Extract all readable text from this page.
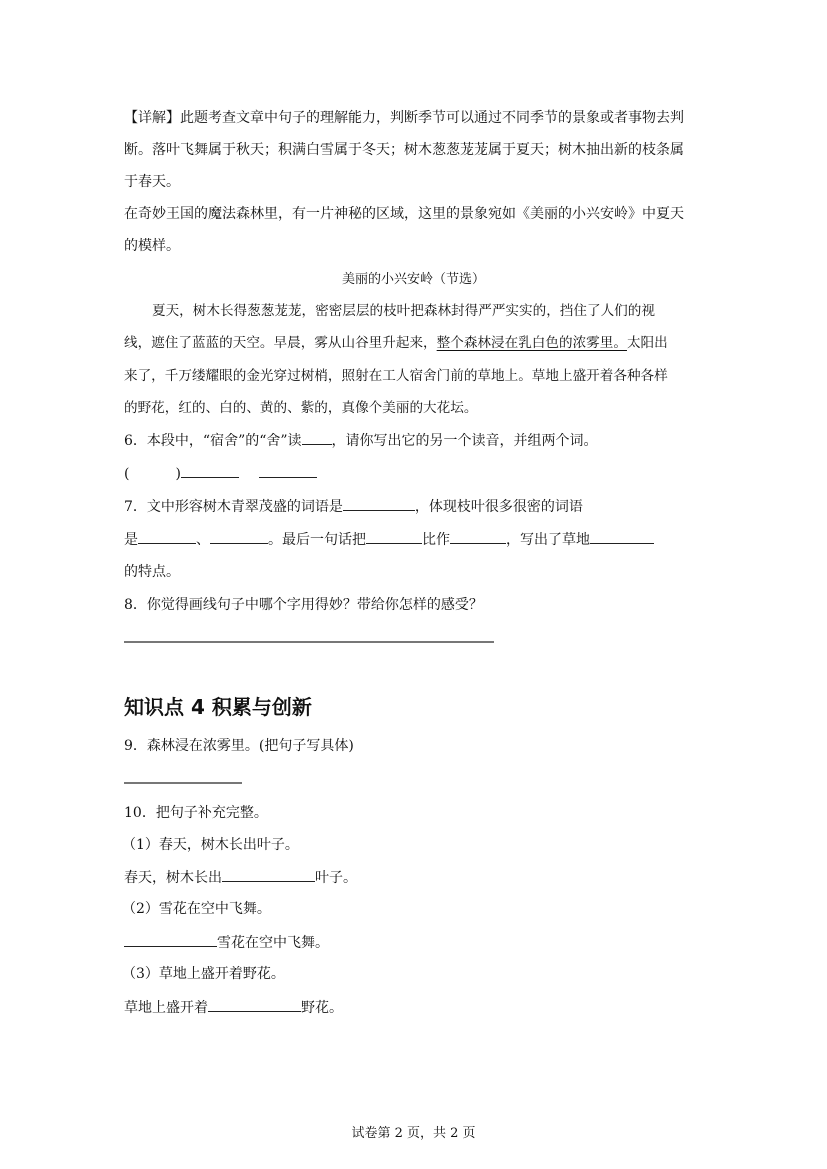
【详解】此题考查文章中句子的理解能力，判断季节可以通过不同季节的景象或者事物去判
断。落叶飞舞属于秋天；积满白雪属于冬天；树木葱葱茏茏属于夏天；树木抽出新的枝条属
于春天。
在奇妙王国的魔法森林里，有一片神秘的区域，这里的景象宛如《美丽的小兴安岭》中夏天
的模样。
美丽的小兴安岭（节选）
夏天，树木长得葱葱茏茏，密密层层的枝叶把森林封得严严实实的，挡住了人们的视
线，遮住了蓝蓝的天空。早晨，雾从山谷里升起来，整个森林浸在乳白色的浓雾里。太阳出
来了，千万缕耀眼的金光穿过树梢，照射在工人宿舍门前的草地上。草地上盛开着各种各样
的野花，红的、白的、黄的、紫的，真像个美丽的大花坛。
6．本段中，“宿舍”的“舍”读 ，请你写出它的另一个读音，并组两个词。
(	)
7．文中形容树木青翠茂盛的词语是	，体现枝叶很多很密的词语
是	、	。最后一句话把	比作	，写出了草地
的特点。
8．你觉得画线句子中哪个字用得妙？带给你怎样的感受？
知识点 4 积累与创新
9．森林浸在浓雾里。(把句子写具体)
10．把句子补充完整。
（1）春天，树木长出叶子。
春天，树木长出	叶子。
（2）雪花在空中飞舞。
雪花在空中飞舞。
（3）草地上盛开着野花。
草地上盛开着	野花。
试卷第 2 页，共 2 页
